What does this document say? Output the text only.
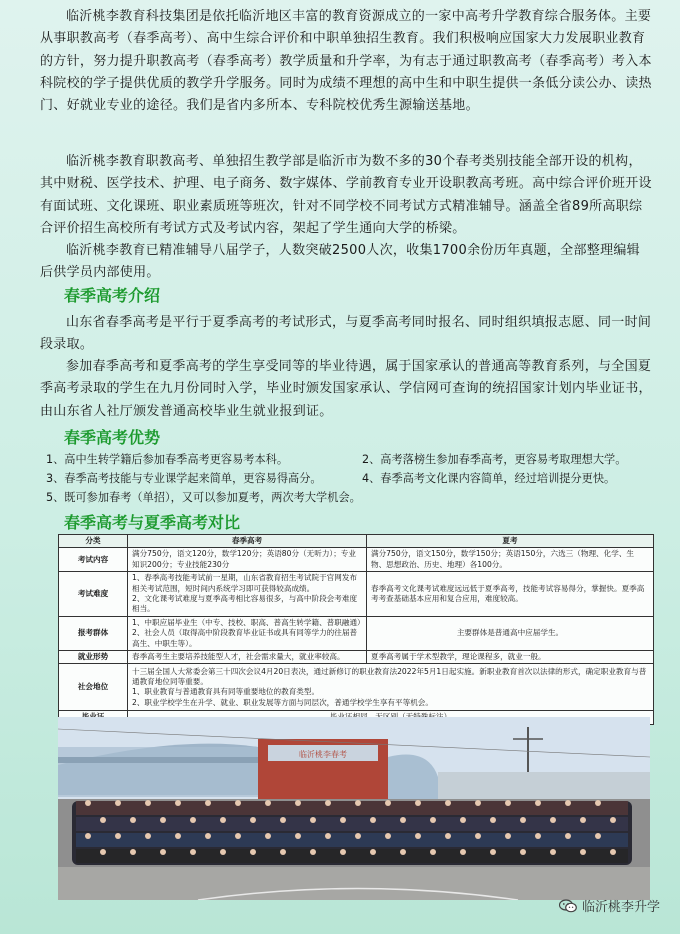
临沂桃李教育科技集团是依托临沂地区丰富的教育资源成立的一家中高考升学教育综合服务体。主要从事职教高考（春季高考）、高中生综合评价和中职单独招生教育。我们积极响应国家大力发展职业教育的方针，努力提升职教高考（春季高考）教学质量和升学率，为有志于通过职教高考（春季高考）考入本科院校的学子提供优质的教学升学服务。同时为成绩不理想的高中生和中职生提供一条低分读公办、读热门、好就业专业的途径。我们是省内多所本、专科院校优秀生源输送基地。

临沂桃李教育职教高考、单独招生教学部是临沂市为数不多的30个春考类别技能全部开设的机构，其中财税、医学技术、护理、电子商务、数字媒体、学前教育专业开设职教高考班。高中综合评价班开设有面试班、文化课班、职业素质班等班次，针对不同学校不同考试方式精准辅导。涵盖全省89所高职综合评价招生高校所有考试方式及考试内容，架起了学生通向大学的桥梁。

临沂桃李教育已精准辅导八届学子，人数突破2500人次，收集1700余份历年真题，全部整理编辑后供学员内部使用。

春季高考介绍

山东省春季高考是平行于夏季高考的考试形式，与夏季高考同时报名、同时组织填报志愿、同一时间段录取。

参加春季高考和夏季高考的学生享受同等的毕业待遇，属于国家承认的普通高等教育系列，与全国夏季高考录取的学生在九月份同时入学，毕业时颁发国家承认、学信网可查询的统招国家计划内毕业证书，由山东省人社厅颁发普通高校毕业生就业报到证。

春季高考优势
1、高中生转学籍后参加春季高考更容易考本科。	2、高考落榜生参加春季高考，更容易考取理想大学。
3、春季高考技能与专业课学起来简单，更容易得高分。	4、春季高考文化课内容简单，经过培训提分更快。
5、既可参加春考（单招），又可以参加夏考，两次考大学机会。
春季高考与夏季高考对比
分类	春季高考	夏考
考试内容	满分750分，语文120分，数学120分；英语80分（无听力）；专业知识200分；专业技能230分	满分750分，语文150分，数学150分；英语150分，六选三（物理、化学、生物、思想政治、历史、地理）各100分。

考试难度	1、春季高考技能考试前一星期，山东省教育招生考试院于官网发布相关考试范围，短时间内系统学习即可获得较高成绩。
2、文化课考试难度与夏季高考相比容易很多，与高中阶段会考难度相当。	春季高考文化课考试难度远远低于夏季高考，技能考试容易得分，掌握快。夏季高考考查基础基本应用和复合应用，难度较高。

报考群体	1、中职应届毕业生（中专、技校、职高、普高生转学籍、普职融通）
2、社会人员（取得高中阶段教育毕业证书或具有同等学力的往届普高生、中职生等）。	主要群体是普通高中应届学生。

就业形势	春季高考生主要培养技能型人才，社会需求量大，就业率较高。	夏季高考属于学术型教学，理论课程多，就业一般。

社会地位	十三届全国人大常委会第三十四次会议4月20日表决，通过新修订的职业教育法2022年5月1日起实施。新职业教育首次以法律的形式，确定职业教育与普通教育地位同等重要。
1、职业教育与普通教育具有同等重要地位的教育类型。
2、职业学校学生在升学、就业、职业发展等方面与同层次，普通学校学生享有平等机会。	

临沂桃李春考
临沂桃李升学
